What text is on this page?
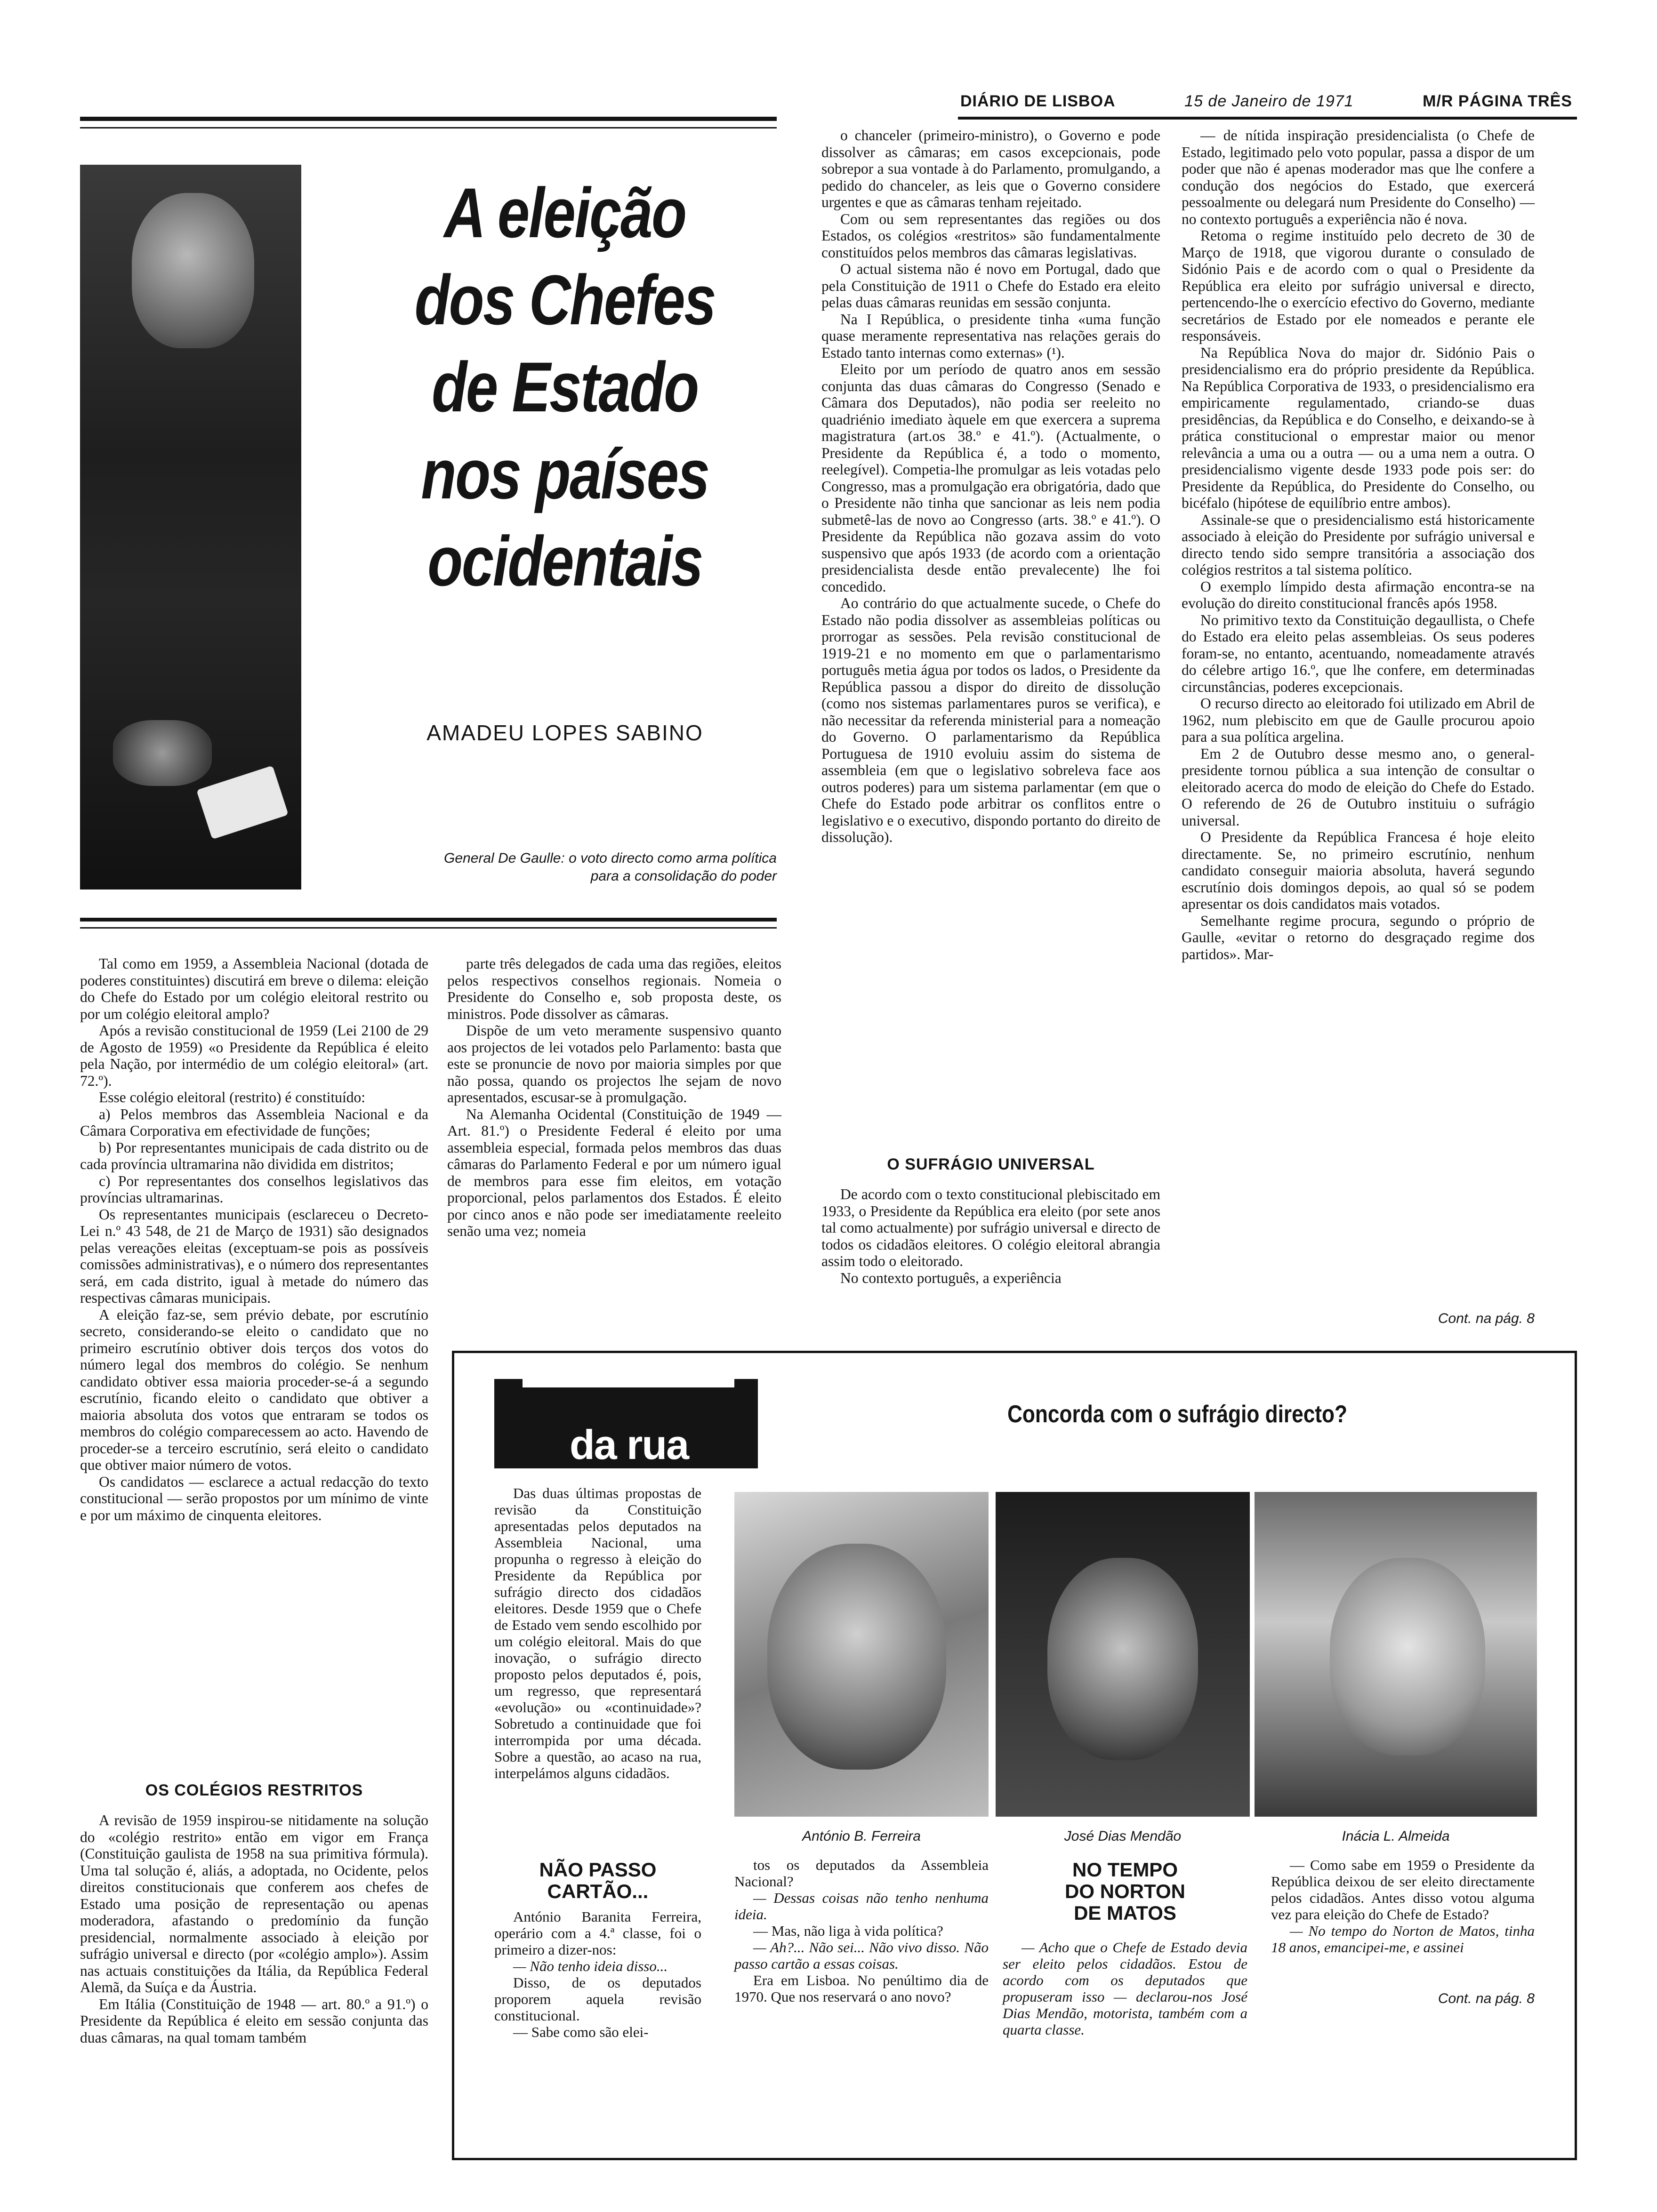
DIÁRIO DE LISBOA	15 de Janeiro de 1971	M/R PÁGINA TRÊS
A eleição
dos Chefes
de Estado
nos países
ocidentais
AMADEU LOPES SABINO
General De Gaulle: o voto directo como arma política
para a consolidação do poder

Tal como em 1959, a Assembleia Nacional (dotada de poderes constituintes) discutirá em breve o dilema: eleição do Chefe do Estado por um colégio eleitoral restrito ou por um colégio eleitoral amplo?

Após a revisão constitucional de 1959 (Lei 2100 de 29 de Agosto de 1959) «o Presidente da República é eleito pela Nação, por intermédio de um colégio eleitoral» (art. 72.º).

Esse colégio eleitoral (restrito) é constituído:

a) Pelos membros das Assembleia Nacional e da Câmara Corporativa em efectividade de funções;

b) Por representantes municipais de cada distrito ou de cada província ultramarina não dividida em distritos;

c) Por representantes dos conselhos legislativos das províncias ultramarinas.

Os representantes municipais (esclareceu o Decreto-Lei n.º 43 548, de 21 de Março de 1931) são designados pelas vereações eleitas (exceptuam-se pois as possíveis comissões administrativas), e o número dos representantes será, em cada distrito, igual à metade do número das respectivas câmaras municipais.

A eleição faz-se, sem prévio debate, por escrutínio secreto, considerando-se eleito o candidato que no primeiro escrutínio obtiver dois terços dos votos do número legal dos membros do colégio. Se nenhum candidato obtiver essa maioria proceder-se-á a segundo escrutínio, ficando eleito o candidato que obtiver a maioria absoluta dos votos que entraram se todos os membros do colégio comparecessem ao acto. Havendo de proceder-se a terceiro escrutínio, será eleito o candidato que obtiver maior número de votos.

Os candidatos — esclarece a actual redacção do texto constitucional — serão propostos por um mínimo de vinte e por um máximo de cinquenta eleitores.

OS COLÉGIOS RESTRITOS

A revisão de 1959 inspirou-se nitidamente na solução do «colégio restrito» então em vigor em França (Constituição gaulista de 1958 na sua primitiva fórmula). Uma tal solução é, aliás, a adoptada, no Ocidente, pelos direitos constitucionais que conferem aos chefes de Estado uma posição de representação ou apenas moderadora, afastando o predomínio da função presidencial, normalmente associado à eleição por sufrágio universal e directo (por «colégio amplo»). Assim nas actuais constituições da Itália, da República Federal Alemã, da Suíça e da Áustria.

Em Itália (Constituição de 1948 — art. 80.º a 91.º) o Presidente da República é eleito em sessão conjunta das duas câmaras, na qual tomam também

parte três delegados de cada uma das regiões, eleitos pelos respectivos conselhos regionais. Nomeia o Presidente do Conselho e, sob proposta deste, os ministros. Pode dissolver as câmaras.

Dispõe de um veto meramente suspensivo quanto aos projectos de lei votados pelo Parlamento: basta que este se pronuncie de novo por maioria simples por que não possa, quando os projectos lhe sejam de novo apresentados, escusar-se à promulgação.

Na Alemanha Ocidental (Constituição de 1949 — Art. 81.º) o Presidente Federal é eleito por uma assembleia especial, formada pelos membros das duas câmaras do Parlamento Federal e por um número igual de membros para esse fim eleitos, em votação proporcional, pelos parlamentos dos Estados. É eleito por cinco anos e não pode ser imediatamente reeleito senão uma vez; nomeia

o chanceler (primeiro-ministro), o Governo e pode dissolver as câmaras; em casos excepcionais, pode sobrepor a sua vontade à do Parlamento, promulgando, a pedido do chanceler, as leis que o Governo considere urgentes e que as câmaras tenham rejeitado.

Com ou sem representantes das regiões ou dos Estados, os colégios «restritos» são fundamentalmente constituídos pelos membros das câmaras legislativas.

O actual sistema não é novo em Portugal, dado que pela Constituição de 1911 o Chefe do Estado era eleito pelas duas câmaras reunidas em sessão conjunta.

Na I República, o presidente tinha «uma função quase meramente representativa nas relações gerais do Estado tanto internas como externas» (¹).

Eleito por um período de quatro anos em sessão conjunta das duas câmaras do Congresso (Senado e Câmara dos Deputados), não podia ser reeleito no quadriénio imediato àquele em que exercera a suprema magistratura (art.os 38.º e 41.º). (Actualmente, o Presidente da República é, a todo o momento, reelegível). Competia-lhe promulgar as leis votadas pelo Congresso, mas a promulgação era obrigatória, dado que o Presidente não tinha que sancionar as leis nem podia submetê-las de novo ao Congresso (arts. 38.º e 41.º). O Presidente da República não gozava assim do voto suspensivo que após 1933 (de acordo com a orientação presidencialista desde então prevalecente) lhe foi concedido.

Ao contrário do que actualmente sucede, o Chefe do Estado não podia dissolver as assembleias políticas ou prorrogar as sessões. Pela revisão constitucional de 1919-21 e no momento em que o parlamentarismo português metia água por todos os lados, o Presidente da República passou a dispor do direito de dissolução (como nos sistemas parlamentares puros se verifica), e não necessitar da referenda ministerial para a nomeação do Governo. O parlamentarismo da República Portuguesa de 1910 evoluiu assim do sistema de assembleia (em que o legislativo sobreleva face aos outros poderes) para um sistema parlamentar (em que o Chefe do Estado pode arbitrar os conflitos entre o legislativo e o executivo, dispondo portanto do direito de dissolução).

O SUFRÁGIO UNIVERSAL

De acordo com o texto constitucional plebiscitado em 1933, o Presidente da República era eleito (por sete anos tal como actualmente) por sufrágio universal e directo de todos os cidadãos eleitores. O colégio eleitoral abrangia assim todo o eleitorado.

No contexto português, a experiência

— de nítida inspiração presidencialista (o Chefe de Estado, legitimado pelo voto popular, passa a dispor de um poder que não é apenas moderador mas que lhe confere a condução dos negócios do Estado, que exercerá pessoalmente ou delegará num Presidente do Conselho) — no contexto português a experiência não é nova.

Retoma o regime instituído pelo decreto de 30 de Março de 1918, que vigorou durante o consulado de Sidónio Pais e de acordo com o qual o Presidente da República era eleito por sufrágio universal e directo, pertencendo-lhe o exercício efectivo do Governo, mediante secretários de Estado por ele nomeados e perante ele responsáveis.

Na República Nova do major dr. Sidónio Pais o presidencialismo era do próprio presidente da República. Na República Corporativa de 1933, o presidencialismo era empiricamente regulamentado, criando-se duas presidências, da República e do Conselho, e deixando-se à prática constitucional o emprestar maior ou menor relevância a uma ou a outra — ou a uma nem a outra. O presidencialismo vigente desde 1933 pode pois ser: do Presidente da República, do Presidente do Conselho, ou bicéfalo (hipótese de equilíbrio entre ambos).

Assinale-se que o presidencialismo está historicamente associado à eleição do Presidente por sufrágio universal e directo tendo sido sempre transitória a associação dos colégios restritos a tal sistema político.

O exemplo límpido desta afirmação encontra-se na evolução do direito constitucional francês após 1958.

No primitivo texto da Constituição degaullista, o Chefe do Estado era eleito pelas assembleias. Os seus poderes foram-se, no entanto, acentuando, nomeadamente através do célebre artigo 16.º, que lhe confere, em determinadas circunstâncias, poderes excepcionais.

O recurso directo ao eleitorado foi utilizado em Abril de 1962, num plebiscito em que de Gaulle procurou apoio para a sua política argelina.

Em 2 de Outubro desse mesmo ano, o general-presidente tornou pública a sua intenção de consultar o eleitorado acerca do modo de eleição do Chefe do Estado. O referendo de 26 de Outubro instituiu o sufrágio universal.

O Presidente da República Francesa é hoje eleito directamente. Se, no primeiro escrutínio, nenhum candidato conseguir maioria absoluta, haverá segundo escrutínio dois domingos depois, ao qual só se podem apresentar os dois candidatos mais votados.

Semelhante regime procura, segundo o próprio de Gaulle, «evitar o retorno do desgraçado regime dos partidos». Mar-

Cont. na pág. 8
ao acaso
da rua
Concorda com o sufrágio directo?

Das duas últimas propostas de revisão da Constituição apresentadas pelos deputados na Assembleia Nacional, uma propunha o regresso à eleição do Presidente da República por sufrágio directo dos cidadãos eleitores. Desde 1959 que o Chefe de Estado vem sendo escolhido por um colégio eleitoral. Mais do que inovação, o sufrágio directo proposto pelos deputados é, pois, um regresso, que representará «evolução» ou «continuidade»? Sobretudo a continuidade que foi interrompida por uma década. Sobre a questão, ao acaso na rua, interpelámos alguns cidadãos.

António B. Ferreira	José Dias Mendão	Inácia L. Almeida
NÃO PASSO
CARTÃO...

António Baranita Ferreira, operário com a 4.ª classe, foi o primeiro a dizer-nos:

— Não tenho ideia disso...

Disso, de os deputados proporem aquela revisão constitucional.

— Sabe como são elei-

tos os deputados da Assembleia Nacional?

— Dessas coisas não tenho nenhuma ideia.

— Mas, não liga à vida política?

— Ah?... Não sei... Não vivo disso. Não passo cartão a essas coisas.

Era em Lisboa. No penúltimo dia de 1970. Que nos reservará o ano novo?

NO TEMPO
DO NORTON
DE MATOS

— Acho que o Chefe de Estado devia ser eleito pelos cidadãos. Estou de acordo com os deputados que propuseram isso — declarou-nos José Dias Mendão, motorista, também com a quarta classe.

— Como sabe em 1959 o Presidente da República deixou de ser eleito directamente pelos cidadãos. Antes disso votou alguma vez para eleição do Chefe de Estado?

— No tempo do Norton de Matos, tinha 18 anos, emancipei-me, e assinei

Cont. na pág. 8
